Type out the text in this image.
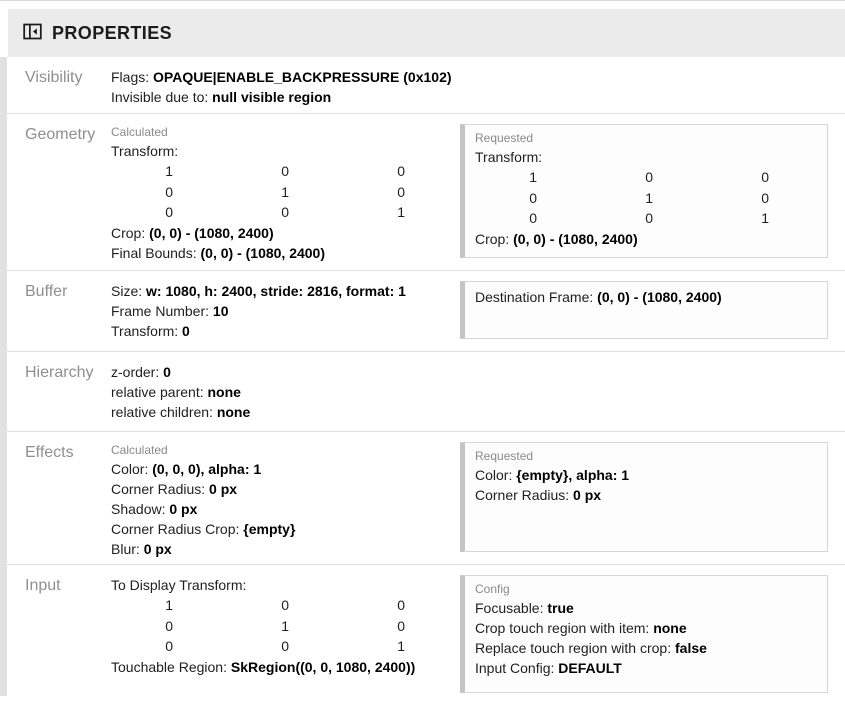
PROPERTIES
Visibility	Flags: OPAQUE|ENABLE_BACKPRESSURE (0x102)
Invisible due to: null visible region
Geometry	Calculated
Transform:
1	0	0
0	1	0
0	0	1
Crop: (0, 0) - (1080, 2400)
Final Bounds: (0, 0) - (1080, 2400)
Requested
Transform:
1	0	0
0	1	0
0	0	1
Crop: (0, 0) - (1080, 2400)
Buffer	Size: w: 1080, h: 2400, stride: 2816, format: 1
Frame Number: 10
Transform: 0
Destination Frame: (0, 0) - (1080, 2400)
Hierarchy	z-order: 0
relative parent: none
relative children: none
Effects	Calculated
Color: (0, 0, 0), alpha: 1
Corner Radius: 0 px
Shadow: 0 px
Corner Radius Crop: {empty}
Blur: 0 px
Requested
Color: {empty}, alpha: 1
Corner Radius: 0 px
Input	To Display Transform:
1	0	0
0	1	0
0	0	1
Touchable Region: SkRegion((0, 0, 1080, 2400))
Config
Focusable: true
Crop touch region with item: none
Replace touch region with crop: false
Input Config: DEFAULT
